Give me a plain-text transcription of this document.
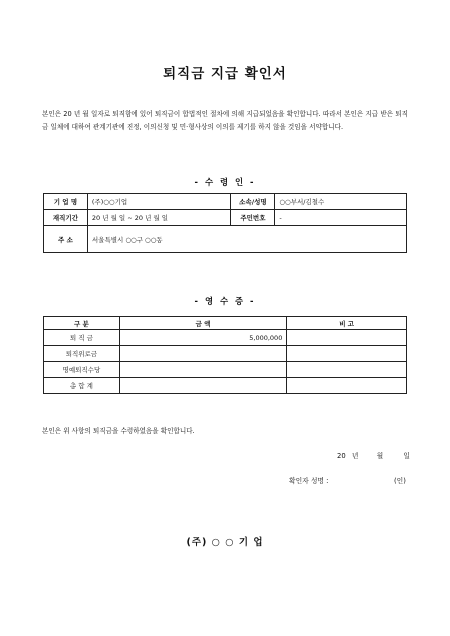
퇴직금 지급 확인서
본인은 20 년 월 일자로 퇴직함에 있어 퇴직금이 합법적인 절차에 의해 지급되었음을 확인합니다. 따라서 본인은 지급 받은 퇴직금 일체에 대하여 관계기관에 진정, 이의신청 및 민·형사상의 이의를 제기를 하지 않을 것임을 서약합니다.
- 수 령 인 -
기 업 명	(주)○○기업	소속/성명	○○부서/김철수
재직기간	20 년 월 일 ~ 20 년 월 일	주민번호	-
주 소	서울특별시 ○○구 ○○동		
- 영 수 증 -
구 분	금 액	비 고
퇴 직 금	5,000,000	
퇴직위로금		
명예퇴직수당		
총 합 계		
본인은 위 사항의 퇴직금을 수령하였음을 확인합니다.
20 년	월	일
확인자 성명 :	(인)
(주) ○ ○ 기 업
